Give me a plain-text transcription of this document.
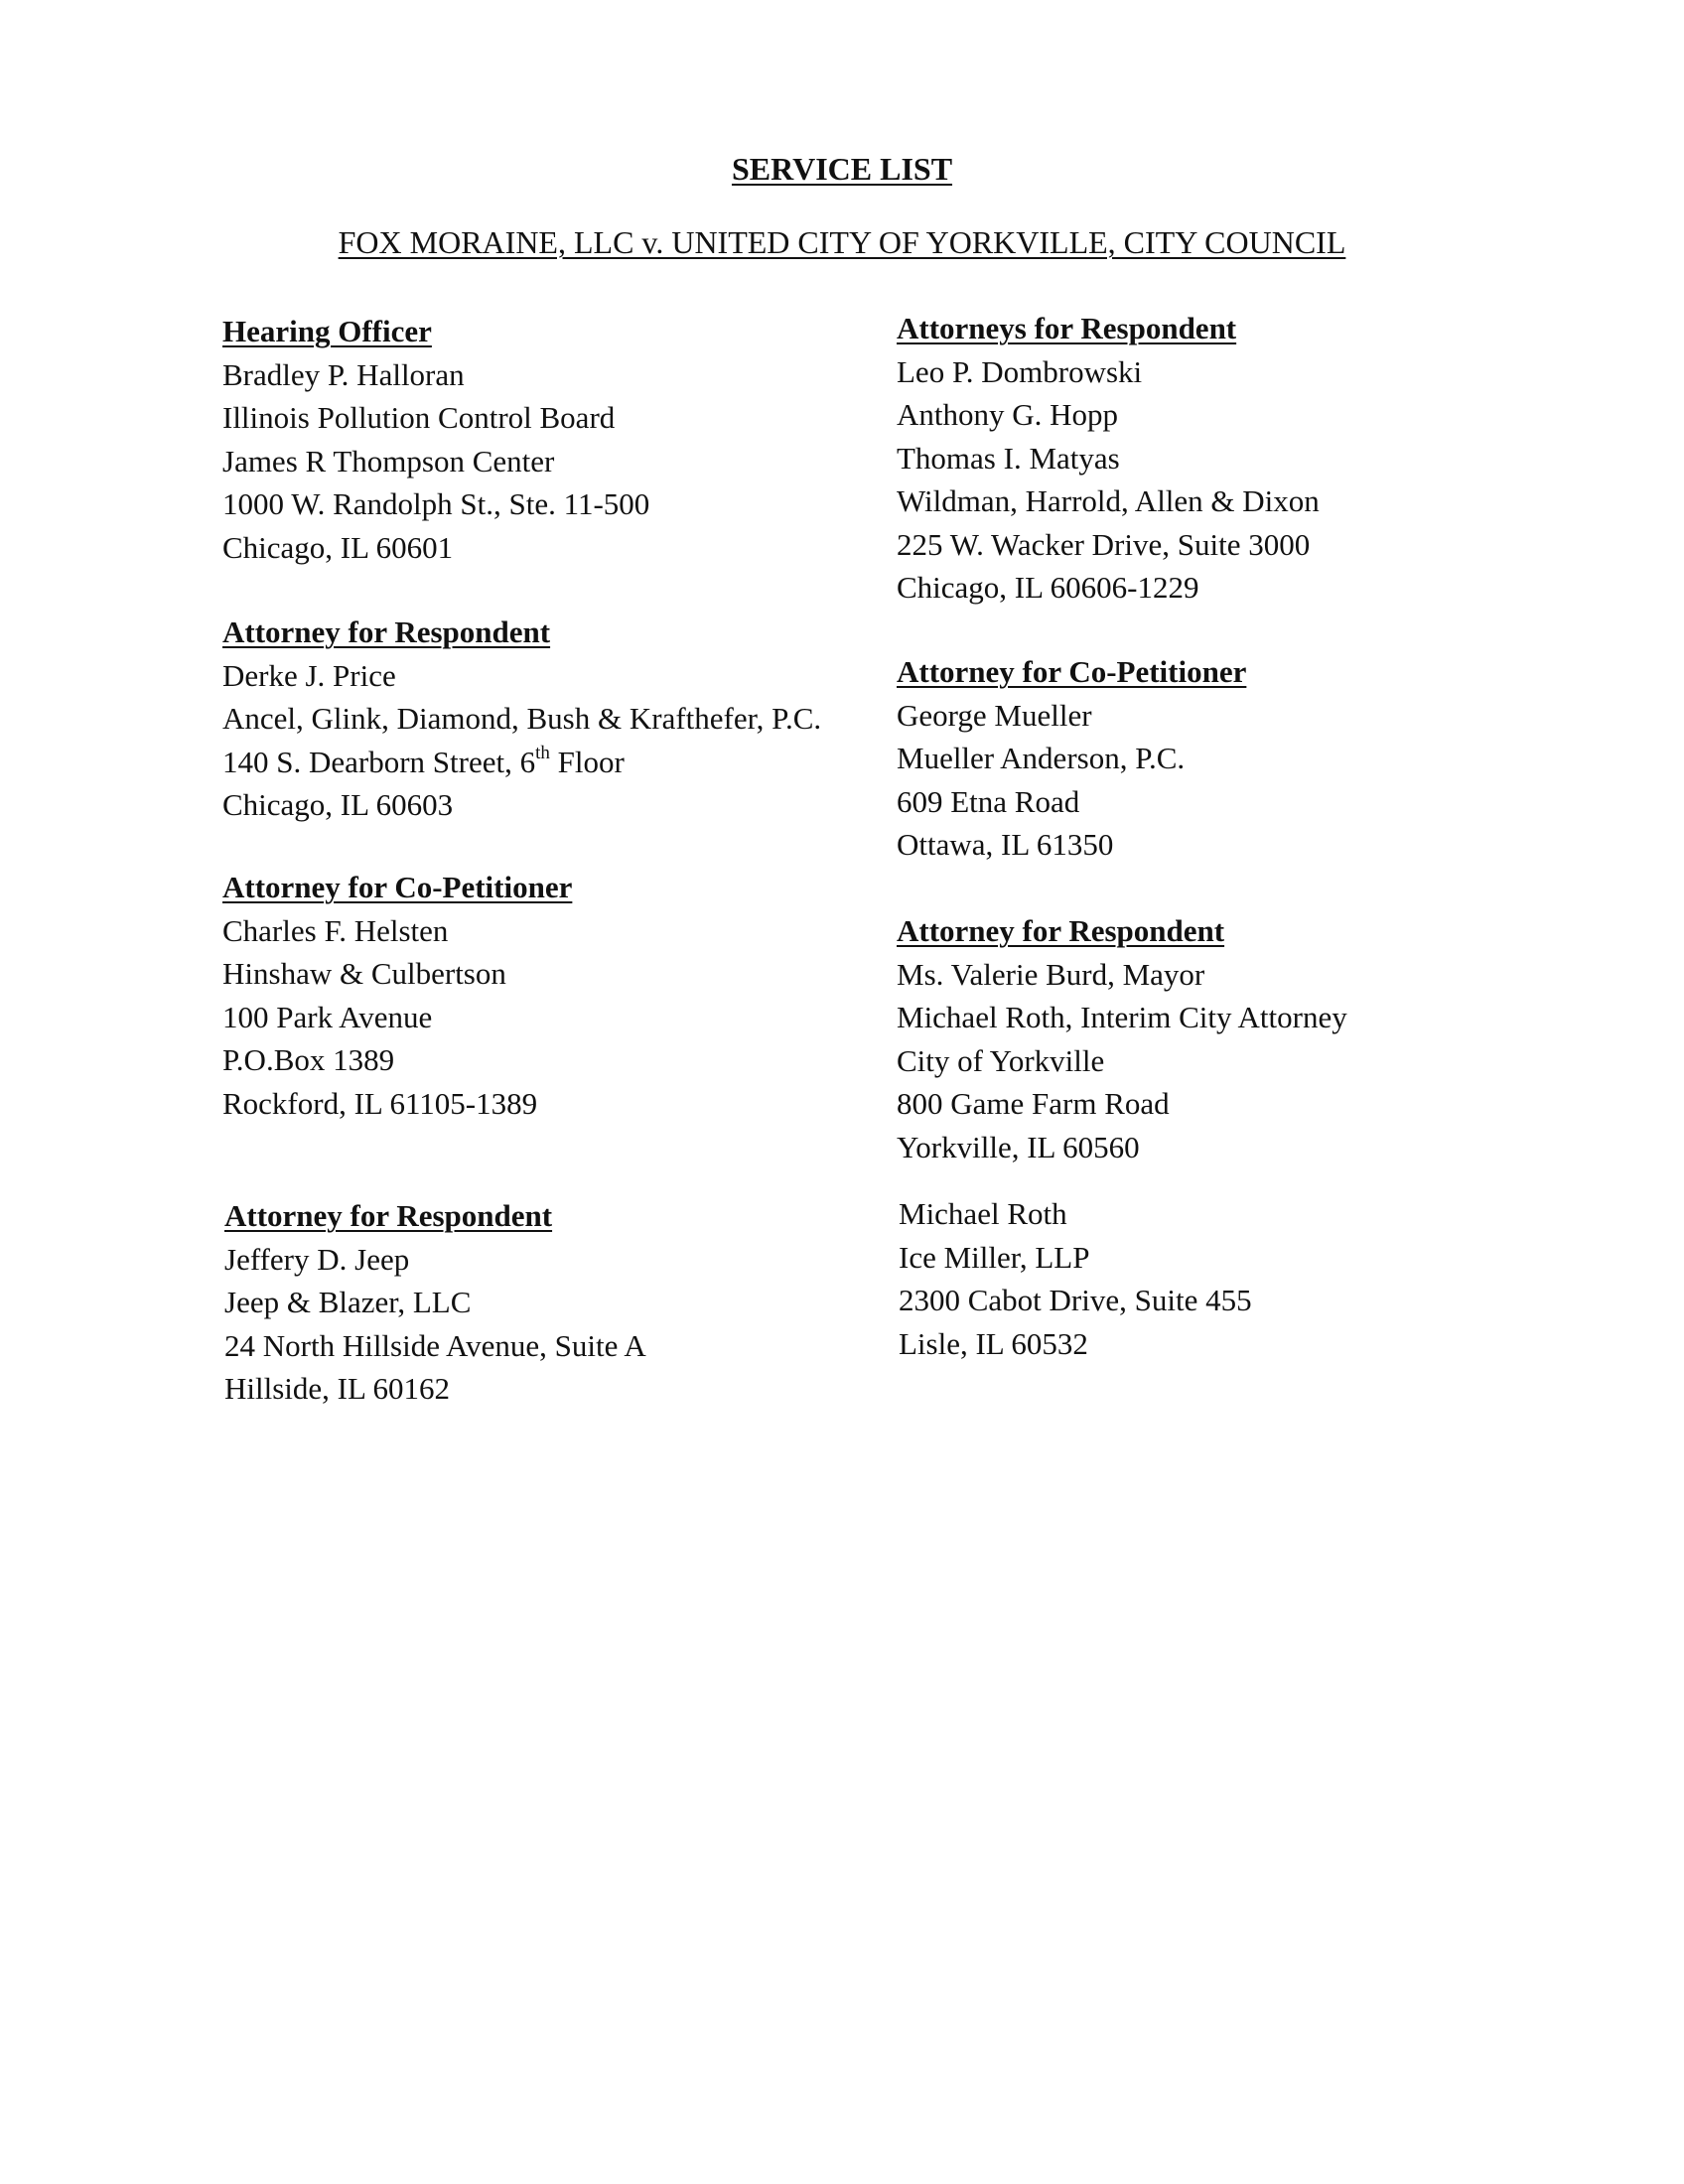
SERVICE LIST

FOX MORAINE, LLC v. UNITED CITY OF YORKVILLE, CITY COUNCIL

Hearing Officer
Bradley P. Halloran
Illinois Pollution Control Board
James R Thompson Center
1000 W. Randolph St., Ste. 11-500
Chicago, IL 60601
Attorney for Respondent
Derke J. Price
Ancel, Glink, Diamond, Bush & Krafthefer, P.C.
140 S. Dearborn Street, 6th Floor
Chicago, IL 60603
Attorney for Co-Petitioner
Charles F. Helsten
Hinshaw & Culbertson
100 Park Avenue
P.O.Box 1389
Rockford, IL 61105-1389
Attorney for Respondent
Jeffery D. Jeep
Jeep & Blazer, LLC
24 North Hillside Avenue, Suite A
Hillside, IL 60162
Attorneys for Respondent
Leo P. Dombrowski
Anthony G. Hopp
Thomas I. Matyas
Wildman, Harrold, Allen & Dixon
225 W. Wacker Drive, Suite 3000
Chicago, IL 60606-1229
Attorney for Co-Petitioner
George Mueller
Mueller Anderson, P.C.
609 Etna Road
Ottawa, IL 61350
Attorney for Respondent
Ms. Valerie Burd, Mayor
Michael Roth, Interim City Attorney
City of Yorkville
800 Game Farm Road
Yorkville, IL 60560
Michael Roth
Ice Miller, LLP
2300 Cabot Drive, Suite 455
Lisle, IL 60532
